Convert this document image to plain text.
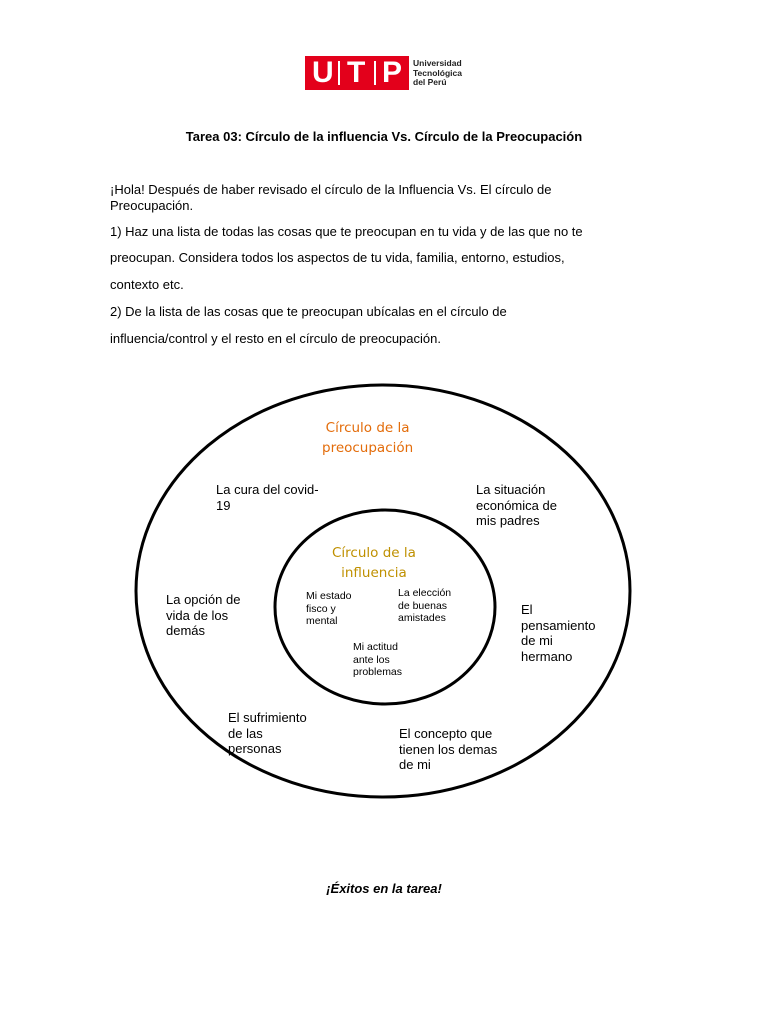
U T P Universidad
Tecnológica
del Perú
Tarea 03: Círculo de la influencia Vs. Círculo de la Preocupación
¡Hola! Después de haber revisado el círculo de la Influencia Vs. El círculo de Preocupación.
1) Haz una lista de todas las cosas que te preocupan en tu vida y de las que no te
preocupan. Considera todos los aspectos de tu vida, familia, entorno, estudios,
contexto etc.
2) De la lista de las cosas que te preocupan ubícalas en el círculo de
influencia/control y el resto en el círculo de preocupación.
Círculo de la
preocupación
Círculo de la
influencia
La cura del covid-
19
La situación
económica de
mis padres
La opción de
vida de los
demás
El
pensamiento
de mi
hermano
El sufrimiento
de las
personas
El concepto que
tienen los demas
de mi
Mi estado
fisco y
mental
La elección
de buenas
amistades
Mi actitud
ante los
problemas
¡Éxitos en la tarea!
